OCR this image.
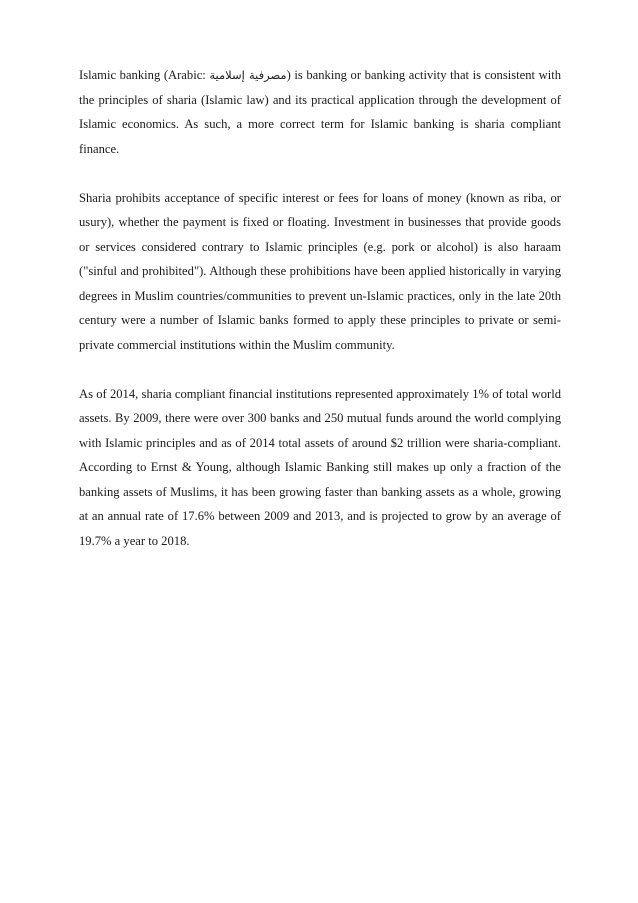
Islamic banking (Arabic: مصرفية إسلامية) is banking or banking activity that is consistent with the principles of sharia (Islamic law) and its practical application through the development of Islamic economics. As such, a more correct term for Islamic banking is sharia compliant finance.

Sharia prohibits acceptance of specific interest or fees for loans of money (known as riba, or usury), whether the payment is fixed or floating. Investment in businesses that provide goods or services considered contrary to Islamic principles (e.g. pork or alcohol) is also haraam ("sinful and prohibited"). Although these prohibitions have been applied historically in varying degrees in Muslim countries/communities to prevent un-Islamic practices, only in the late 20th century were a number of Islamic banks formed to apply these principles to private or semi-private commercial institutions within the Muslim community.

As of 2014, sharia compliant financial institutions represented approximately 1% of total world assets. By 2009, there were over 300 banks and 250 mutual funds around the world complying with Islamic principles and as of 2014 total assets of around $2 trillion were sharia-compliant. According to Ernst & Young, although Islamic Banking still makes up only a fraction of the banking assets of Muslims, it has been growing faster than banking assets as a whole, growing at an annual rate of 17.6% between 2009 and 2013, and is projected to grow by an average of 19.7% a year to 2018.
